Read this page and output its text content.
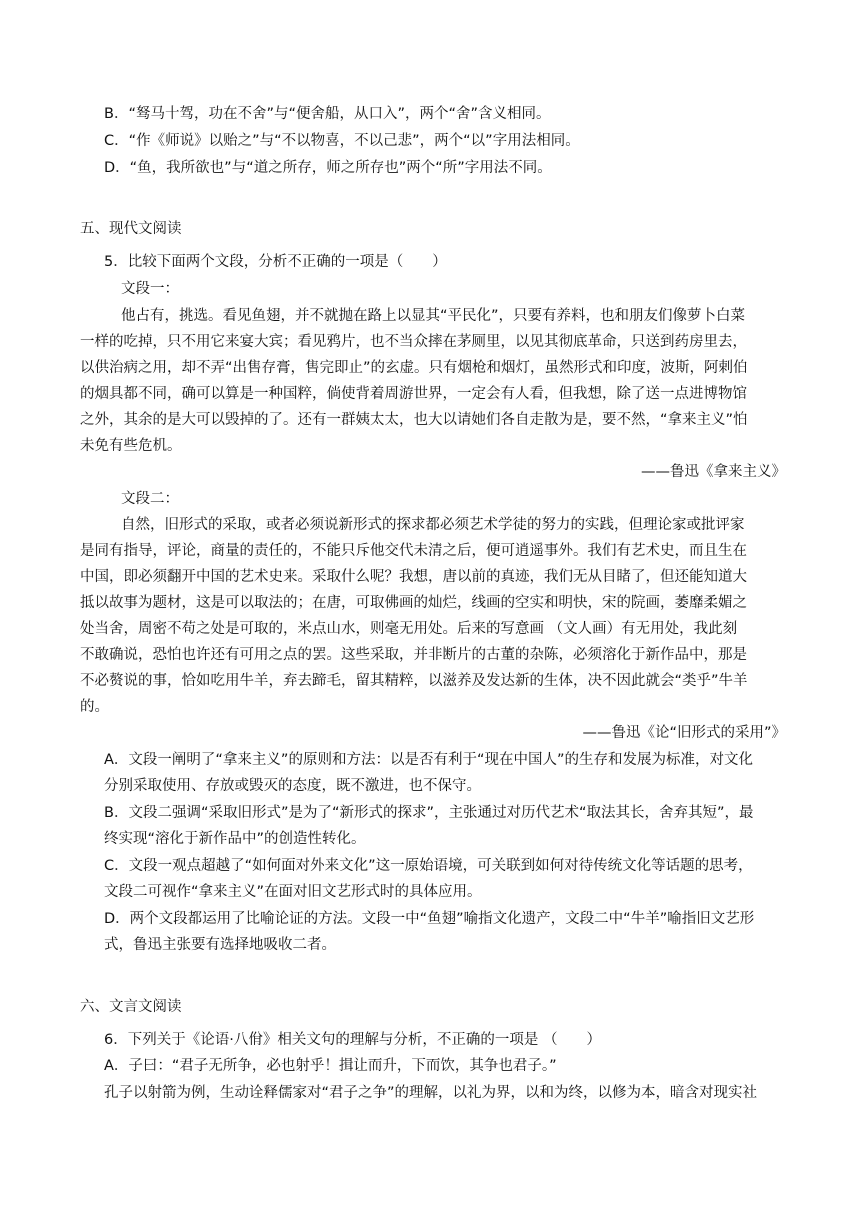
B．“驽马十驾，功在不舍”与“便舍船，从口入”，两个“舍”含义相同。
C．“作《师说》以贻之”与“不以物喜，不以己悲”，两个“以”字用法相同。
D．“鱼，我所欲也”与“道之所存，师之所存也”两个“所”字用法不同。
五、现代文阅读
5．比较下面两个文段，分析不正确的一项是（　　）
文段一：
他占有，挑选。看见鱼翅，并不就抛在路上以显其“平民化”，只要有养料，也和朋友们像萝卜白菜
一样的吃掉，只不用它来宴大宾；看见鸦片，也不当众摔在茅厕里，以见其彻底革命，只送到药房里去，
以供治病之用，却不弄“出售存膏，售完即止”的玄虚。只有烟枪和烟灯，虽然形式和印度，波斯，阿剌伯
的烟具都不同，确可以算是一种国粹，倘使背着周游世界，一定会有人看，但我想，除了送一点进博物馆
之外，其余的是大可以毁掉的了。还有一群姨太太，也大以请她们各自走散为是，要不然，“拿来主义”怕
未免有些危机。
——鲁迅《拿来主义》
文段二：
自然，旧形式的采取，或者必须说新形式的探求都必须艺术学徒的努力的实践，但理论家或批评家
是同有指导，评论，商量的责任的，不能只斥他交代未清之后，便可逍遥事外。我们有艺术史，而且生在
中国，即必须翻开中国的艺术史来。采取什么呢？我想，唐以前的真迹，我们无从目睹了，但还能知道大
抵以故事为题材，这是可以取法的；在唐，可取佛画的灿烂，线画的空实和明快，宋的院画，萎靡柔媚之
处当舍，周密不苟之处是可取的，米点山水，则毫无用处。后来的写意画 （文人画）有无用处，我此刻
不敢确说，恐怕也许还有可用之点的罢。这些采取，并非断片的古董的杂陈，必须溶化于新作品中，那是
不必赘说的事，恰如吃用牛羊，弃去蹄毛，留其精粹，以滋养及发达新的生体，决不因此就会“类乎”牛羊
的。
——鲁迅《论“旧形式的采用”》
A．文段一阐明了“拿来主义”的原则和方法：以是否有利于“现在中国人”的生存和发展为标准，对文化
分别采取使用、存放或毁灭的态度，既不激进，也不保守。
B．文段二强调“采取旧形式”是为了“新形式的探求”，主张通过对历代艺术“取法其长，舍弃其短”，最
终实现“溶化于新作品中”的创造性转化。
C．文段一观点超越了“如何面对外来文化”这一原始语境，可关联到如何对待传统文化等话题的思考，
文段二可视作“拿来主义”在面对旧文艺形式时的具体应用。
D．两个文段都运用了比喻论证的方法。文段一中“鱼翅”喻指文化遗产，文段二中“牛羊”喻指旧文艺形
式，鲁迅主张要有选择地吸收二者。
六、文言文阅读
6．下列关于《论语·八佾》相关文句的理解与分析，不正确的一项是 （　　）
A．子曰：“君子无所争，必也射乎！揖让而升，下而饮，其争也君子。”
孔子以射箭为例，生动诠释儒家对“君子之争”的理解，以礼为界，以和为终，以修为本，暗含对现实社
